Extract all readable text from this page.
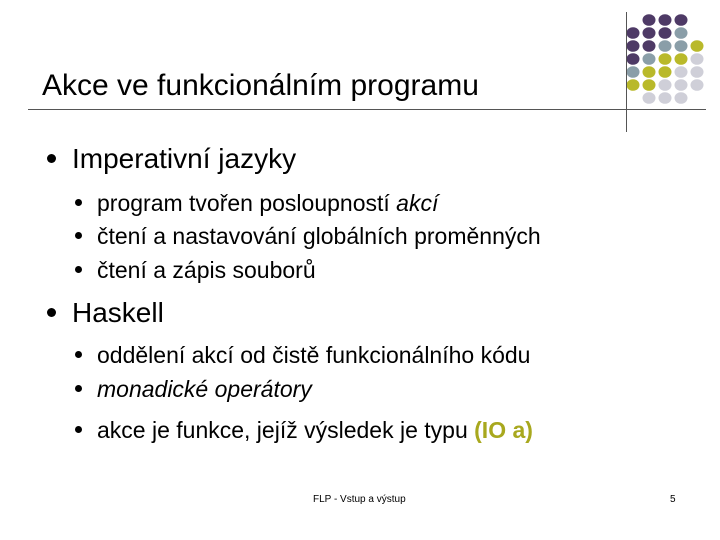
Akce ve funkcionálním programu
Imperativní jazyky
program tvořen posloupností akcí
čtení a nastavování globálních proměnných
čtení a zápis souborů
Haskell
oddělení akcí od čistě funkcionálního kódu
monadické operátory
akce je funkce, jejíž výsledek je typu (IO a)
FLP - Vstup a výstup	5
